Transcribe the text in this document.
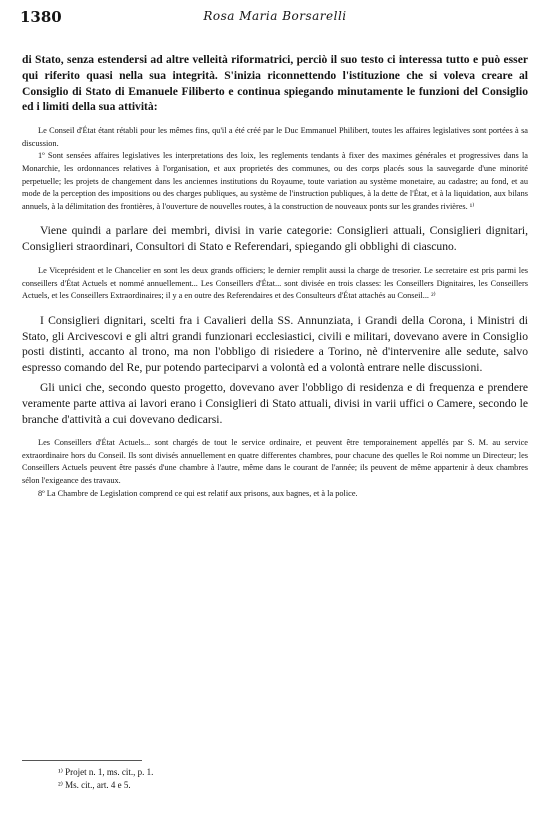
1380	Rosa Maria Borsarelli

di Stato, senza estendersi ad altre velleità riformatrici, perciò il suo testo ci interessa tutto e può esser qui riferito quasi nella sua integrità. S'inizia riconnettendo l'istituzione che si voleva creare al Consiglio di Stato di Emanuele Filiberto e continua spiegando minutamente le funzioni del Consiglio ed i limiti della sua attività:

Le Conseil d'État étant rétabli pour les mêmes fins, qu'il a été créé par le Duc Emmanuel Philibert, toutes les affaires legislatives sont portées à sa discussion.

1º Sont sensées affaires legislatives les interpretations des loix, les reglements tendants à fixer des maximes générales et progressives dans la Monarchie, les ordonnances relatives à l'organisation, et aux proprietés des communes, ou des corps placés sous la sauvegarde d'une minorité perpetuelle; les projets de changement dans les anciennes institutions du Royaume, toute variation au système monetaire, au cadastre; au fond, et au mode de la perception des impositions ou des charges publiques, au système de l'instruction publiques, à la dette de l'État, et à la liquidation, aux bilans annuels, à la délimitation des frontières, à l'ouverture de nouvelles routes, à la construction de nouveaux ponts sur les grandes rivières. ¹⁾

Viene quindi a parlare dei membri, divisi in varie categorie: Consiglieri attuali, Consiglieri dignitari, Consiglieri straordinari, Consultori di Stato e Referendari, spiegando gli obblighi di ciascuno.

Le Viceprésident et le Chancelier en sont les deux grands officiers; le dernier remplit aussi la charge de tresorier. Le secretaire est pris parmi les conseillers d'État Actuels et nommé annuellement... Les Conseillers d'État... sont divisée en trois classes: les Conseillers Dignitaires, les Conseillers Actuels, et les Conseillers Extraordinaires; il y a en outre des Referendaires et des Consulteurs d'État attachés au Conseil... ²⁾

I Consiglieri dignitari, scelti fra i Cavalieri della SS. Annunziata, i Grandi della Corona, i Ministri di Stato, gli Arcivescovi e gli altri grandi funzionari ecclesiastici, civili e militari, dovevano avere in Consiglio posti distinti, accanto al trono, ma non l'obbligo di risiedere a Torino, nè d'intervenire alle sedute, salvo espresso comando del Re, pur potendo parteciparvi a volontà ed a volontà entrare nelle discussioni.

Gli unici che, secondo questo progetto, dovevano aver l'obbligo di residenza e di frequenza e prendere veramente parte attiva ai lavori erano i Consiglieri di Stato attuali, divisi in varii uffici o Camere, secondo le branche d'attività a cui dovevano dedicarsi.

Les Conseillers d'État Actuels... sont chargés de tout le service ordinaire, et peuvent être temporainement appellés par S. M. au service extraordinaire hors du Conseil. Ils sont divisés annuellement en quatre differentes chambres, pour chacune des quelles le Roi nomme un Directeur; les Conseillers Actuels peuvent être passés d'une chambre à l'autre, même dans le courant de l'année; ils peuvent de même appartenir à deux chambres sélon l'exigeance des travaux.

8º La Chambre de Legislation comprend ce qui est relatif aux prisons, aux bagnes, et à la police.

¹⁾ Projet n. 1, ms. cit., p. 1.
²⁾ Ms. cit., art. 4 e 5.
